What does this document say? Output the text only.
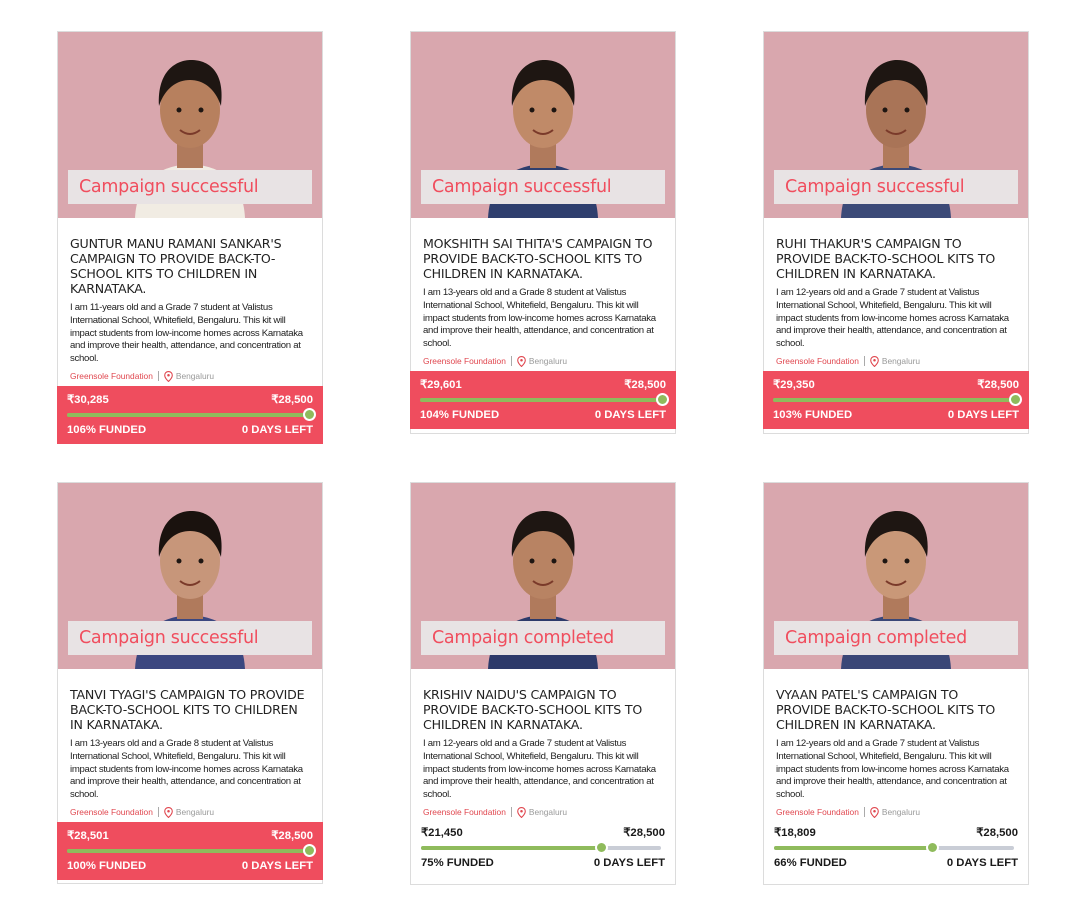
Campaign successful
GUNTUR MANU RAMANI SANKAR'S CAMPAIGN TO PROVIDE BACK-TO-SCHOOL KITS TO CHILDREN IN KARNATAKA.
I am 11-years old and a Grade 7 student at Valistus International School, Whitefield, Bengaluru. This kit will impact students from low-income homes across Karnataka and improve their health, attendance, and concentration at school.
Greensole Foundation	Bengaluru
₹30,285	₹28,500
106% FUNDED	0 DAYS LEFT
Campaign successful
MOKSHITH SAI THITA'S CAMPAIGN TO PROVIDE BACK-TO-SCHOOL KITS TO CHILDREN IN KARNATAKA.
I am 13-years old and a Grade 8 student at Valistus International School, Whitefield, Bengaluru. This kit will impact students from low-income homes across Karnataka and improve their health, attendance, and concentration at school.
Greensole Foundation	Bengaluru
₹29,601	₹28,500
104% FUNDED	0 DAYS LEFT
Campaign successful
RUHI THAKUR'S CAMPAIGN TO PROVIDE BACK-TO-SCHOOL KITS TO CHILDREN IN KARNATAKA.
I am 12-years old and a Grade 7 student at Valistus International School, Whitefield, Bengaluru. This kit will impact students from low-income homes across Karnataka and improve their health, attendance, and concentration at school.
Greensole Foundation	Bengaluru
₹29,350	₹28,500
103% FUNDED	0 DAYS LEFT
Campaign successful
TANVI TYAGI'S CAMPAIGN TO PROVIDE BACK-TO-SCHOOL KITS TO CHILDREN IN KARNATAKA.
I am 13-years old and a Grade 8 student at Valistus International School, Whitefield, Bengaluru. This kit will impact students from low-income homes across Karnataka and improve their health, attendance, and concentration at school.
Greensole Foundation	Bengaluru
₹28,501	₹28,500
100% FUNDED	0 DAYS LEFT
Campaign completed
KRISHIV NAIDU'S CAMPAIGN TO PROVIDE BACK-TO-SCHOOL KITS TO CHILDREN IN KARNATAKA.
I am 12-years old and a Grade 7 student at Valistus International School, Whitefield, Bengaluru. This kit will impact students from low-income homes across Karnataka and improve their health, attendance, and concentration at school.
Greensole Foundation	Bengaluru
₹21,450	₹28,500
75% FUNDED	0 DAYS LEFT
Campaign completed
VYAAN PATEL'S CAMPAIGN TO PROVIDE BACK-TO-SCHOOL KITS TO CHILDREN IN KARNATAKA.
I am 12-years old and a Grade 7 student at Valistus International School, Whitefield, Bengaluru. This kit will impact students from low-income homes across Karnataka and improve their health, attendance, and concentration at school.
Greensole Foundation	Bengaluru
₹18,809	₹28,500
66% FUNDED	0 DAYS LEFT
